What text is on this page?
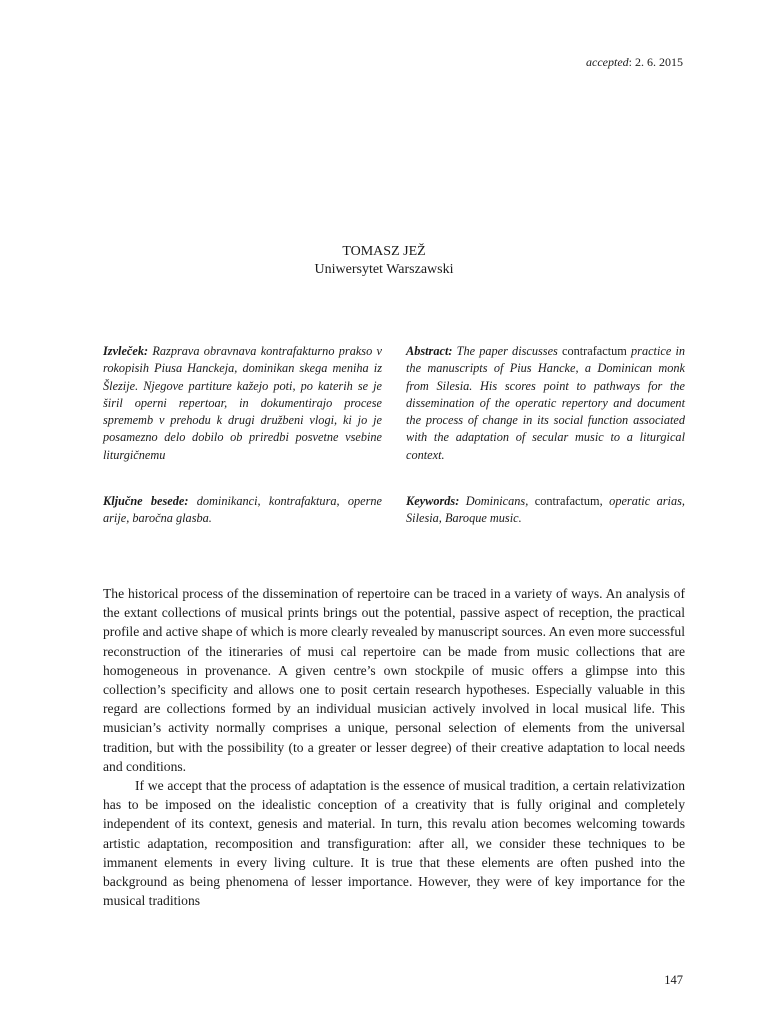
accepted: 2. 6. 2015
TOMASZ JEŽ
Uniwersytet Warszawski
Izvleček: Razprava obravnava kontrafakturno prakso v rokopisih Piusa Hanckeja, dominikan skega meniha iz Šlezije. Njegove partiture kažejo poti, po katerih se je širil operni repertoar, in dokumentirajo procese sprememb v prehodu k drugi družbeni vlogi, ki jo je posamezno delo dobilo ob priredbi posvetne vsebine liturgičnemu
Abstract: The paper discusses contrafactum practice in the manuscripts of Pius Hancke, a Dominican monk from Silesia. His scores point to pathways for the dissemination of the operatic repertory and document the process of change in its social function associated with the adaptation of secular music to a liturgical context.
Ključne besede: dominikanci, kontrafaktura, operne arije, baročna glasba.
Keywords: Dominicans, contrafactum, operatic arias, Silesia, Baroque music.

The historical process of the dissemination of repertoire can be traced in a variety of ways. An analysis of the extant collections of musical prints brings out the potential, passive aspect of reception, the practical profile and active shape of which is more clearly revealed by manuscript sources. An even more successful reconstruction of the itineraries of musi cal repertoire can be made from music collections that are homogeneous in provenance. A given centre’s own stockpile of music offers a glimpse into this collection’s specificity and allows one to posit certain research hypotheses. Especially valuable in this regard are collections formed by an individual musician actively involved in local musical life. This musician’s activity normally comprises a unique, personal selection of elements from the universal tradition, but with the possibility (to a greater or lesser degree) of their creative adaptation to local needs and conditions.

If we accept that the process of adaptation is the essence of musical tradition, a certain relativization has to be imposed on the idealistic conception of a creativity that is fully original and completely independent of its context, genesis and material. In turn, this revalu ation becomes welcoming towards artistic adaptation, recomposition and transfiguration: after all, we consider these techniques to be immanent elements in every living culture. It is true that these elements are often pushed into the background as being phenomena of lesser importance. However, they were of key importance for the musical traditions

147
